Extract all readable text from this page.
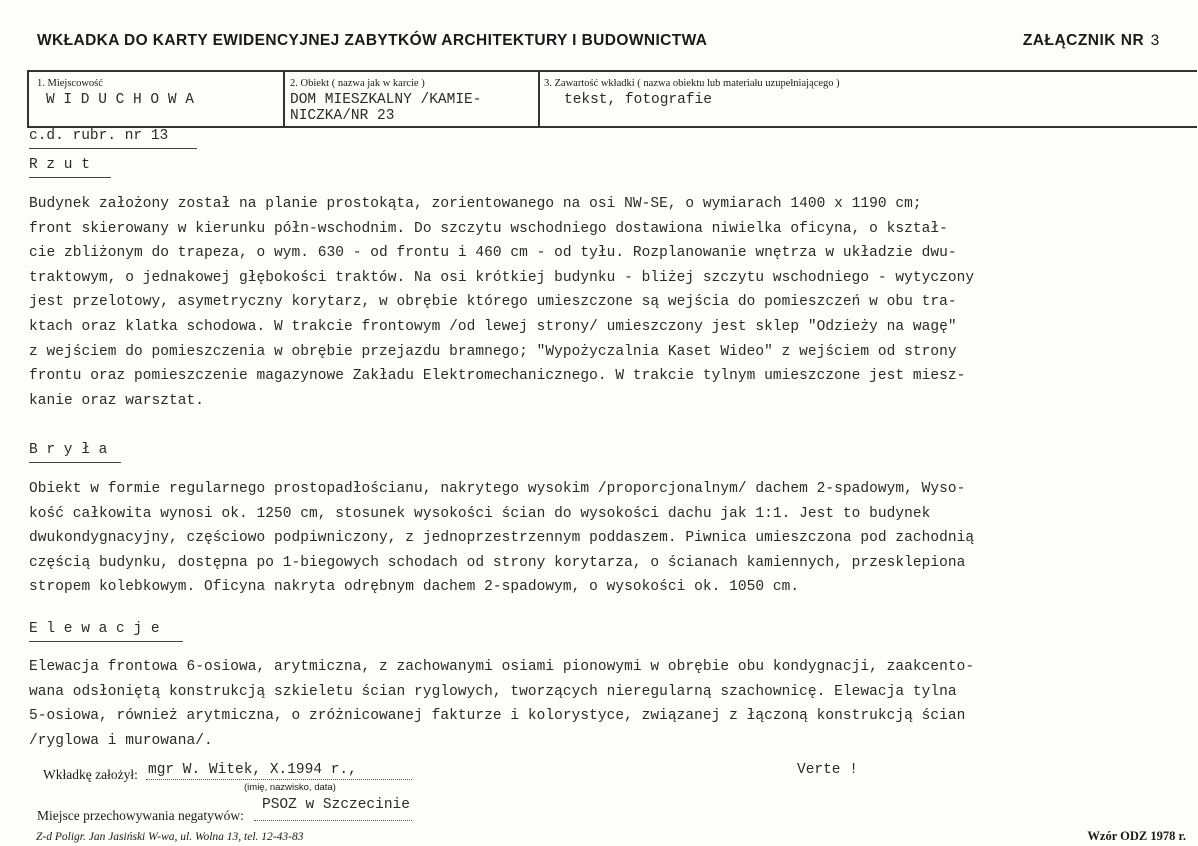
WKŁADKA DO KARTY EWIDENCYJNEJ ZABYTKÓW ARCHITEKTURY I BUDOWNICTWA	ZAŁĄCZNIK NR 3
1. Miejscowość
W I D U C H O W A
2. Obiekt ( nazwa jak w karcie )
DOM MIESZKALNY /KAMIE-
NICZKA/NR 23
3. Zawartość wkładki ( nazwa obiektu lub materiału uzupełniającego )
tekst, fotografie
c.d. rubr. nr 13
R z u t
Budynek założony został na planie prostokąta, zorientowanego na osi NW-SE, o wymiarach 1400 x 1190 cm;
front skierowany w kierunku półn-wschodnim. Do szczytu wschodniego dostawiona niwielka oficyna, o kształ-
cie zbliżonym do trapeza, o wym. 630 - od frontu i 460 cm - od tyłu. Rozplanowanie wnętrza w układzie dwu-
traktowym, o jednakowej głębokości traktów. Na osi krótkiej budynku - bliżej szczytu wschodniego - wytyczony
jest przelotowy, asymetryczny korytarz, w obrębie którego umieszczone są wejścia do pomieszczeń w obu tra-
ktach oraz klatka schodowa. W trakcie frontowym /od lewej strony/ umieszczony jest sklep "Odzieży na wagę"
z wejściem do pomieszczenia w obrębie przejazdu bramnego; "Wypożyczalnia Kaset Wideo" z wejściem od strony
frontu oraz pomieszczenie magazynowe Zakładu Elektromechanicznego. W trakcie tylnym umieszczone jest miesz-
kanie oraz warsztat.
B r y ł a
Obiekt w formie regularnego prostopadłościanu, nakrytego wysokim /proporcjonalnym/ dachem 2-spadowym, Wyso-
kość całkowita wynosi ok. 1250 cm, stosunek wysokości ścian do wysokości dachu jak 1:1. Jest to budynek
dwukondygnacyjny, częściowo podpiwniczony, z jednoprzestrzennym poddaszem. Piwnica umieszczona pod zachodnią
częścią budynku, dostępna po 1-biegowych schodach od strony korytarza, o ścianach kamiennych, przesklepiona
stropem kolebkowym. Oficyna nakryta odrębnym dachem 2-spadowym, o wysokości ok. 1050 cm.
E l e w a c j e
Elewacja frontowa 6-osiowa, arytmiczna, z zachowanymi osiami pionowymi w obrębie obu kondygnacji, zaakcento-
wana odsłoniętą konstrukcją szkieletu ścian ryglowych, tworzących nieregularną szachownicę. Elewacja tylna
5-osiowa, również arytmiczna, o zróżnicowanej fakturze i kolorystyce, związanej z łączoną konstrukcją ścian
/ryglowa i murowana/.
Wkładkę założył: mgr W. Witek, X.1994 r.,
(imię, nazwisko, data)
Verte !
Miejsce przechowywania negatywów:
PSOZ w Szczecinie
Z-d Poligr. Jan Jasiński W-wa, ul. Wolna 13, tel. 12-43-83	Wzór ODZ 1978 r.
